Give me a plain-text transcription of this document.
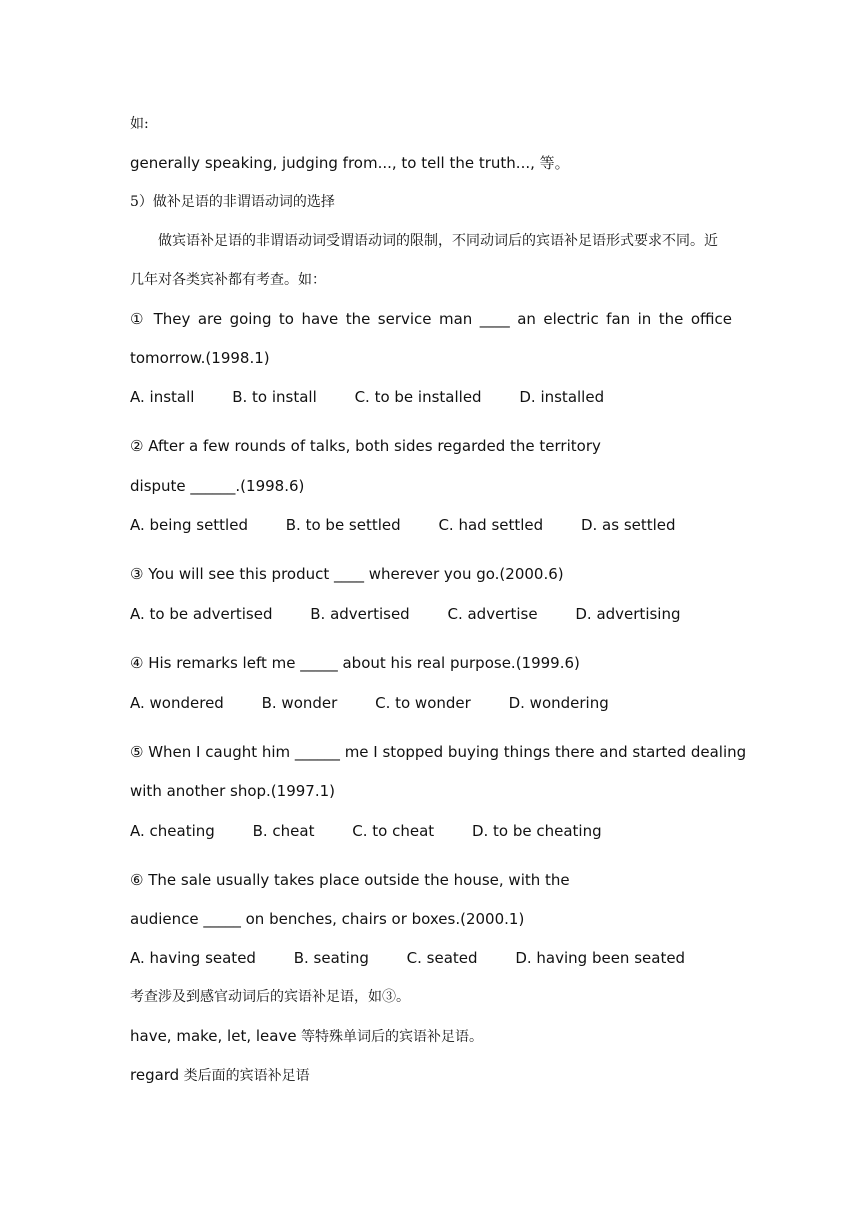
如:
generally speaking, judging from..., to tell the truth..., 等。
5）做补足语的非谓语动词的选择
做宾语补足语的非谓语动词受谓语动词的限制，不同动词后的宾语补足语形式要求不同。近
几年对各类宾补都有考查。如：
① They are going to have the service man ____ an electric fan in the office
tomorrow.(1998.1)
A. install	B. to install	C. to be installed	D. installed
② After a few rounds of talks, both sides regarded the territory
dispute ______.(1998.6)
A. being settled	B. to be settled	C. had settled	D. as settled
③ You will see this product ____ wherever you go.(2000.6)
A. to be advertised	B. advertised	C. advertise	D. advertising
④ His remarks left me _____ about his real purpose.(1999.6)
A. wondered	B. wonder	C. to wonder	D. wondering
⑤ When I caught him ______ me I stopped buying things there and started dealing
with another shop.(1997.1)
A. cheating	B. cheat	C. to cheat	D. to be cheating
⑥ The sale usually takes place outside the house, with the
audience _____ on benches, chairs or boxes.(2000.1)
A. having seated	B. seating	C. seated	D. having been seated
考查涉及到感官动词后的宾语补足语，如③。
have, make, let, leave 等特殊单词后的宾语补足语。
regard 类后面的宾语补足语
